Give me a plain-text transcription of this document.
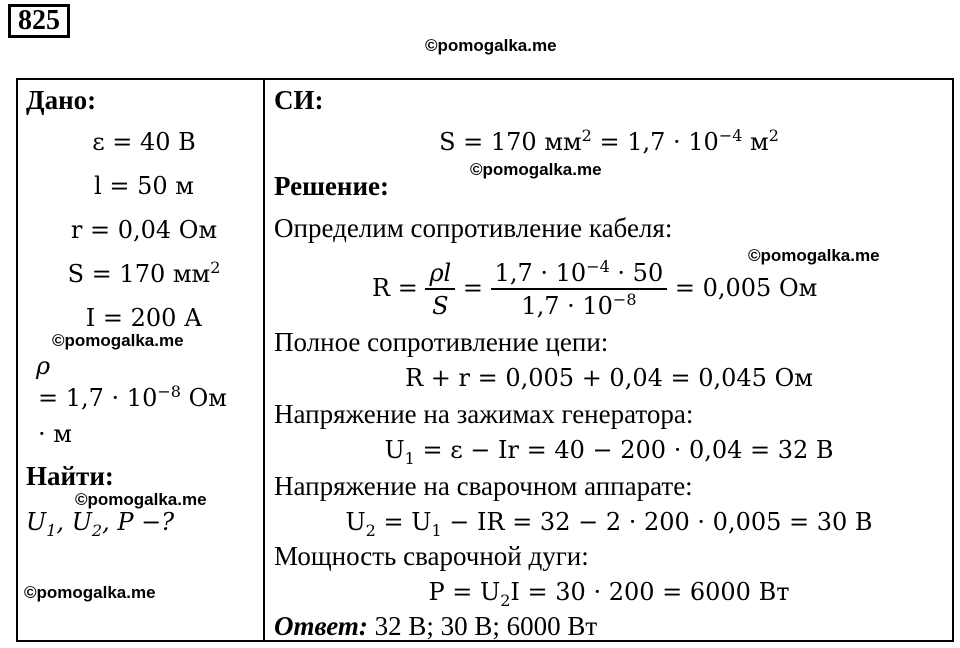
825
©pomogalka.me
Дано:
ε = 40 В
l = 50 м
r = 0,04 Ом
S = 170 $мм^2$
I = 200 А
©pomogalka.me
ρ
= $1,7 \cdot 10^{-8}$ Ом
· м
Найти:
©pomogalka.me
$U_1$, $U_2$, P −?
©pomogalka.me
СИ:
S = 170 $мм^2 = 1,7 \cdot 10^{-4}$ $м^2$
©pomogalka.me
Решение:
Определим сопротивление кабеля:
©pomogalka.me
$R = \frac{\rho l}{S} = \frac{1,7 \cdot 10^{-4} \cdot 50}{1,7 \cdot 10^{-8}} = 0,005$ Ом
Полное сопротивление цепи:
R + r = 0,005 + 0,04 = 0,045 Ом
Напряжение на зажимах генератора:
$U_1 = \varepsilon - Ir = 40 - 200 \cdot 0,04 = 32$ В
Напряжение на сварочном аппарате:
$U_2 = U_1$ − IR = 32 − 2 · 200 · 0,005 = 30 В
Мощность сварочной дуги:
$P = U_2I = 30 \cdot 200 = 6000$ Вт
Ответ: 32 В; 30 В; 6000 Вт
